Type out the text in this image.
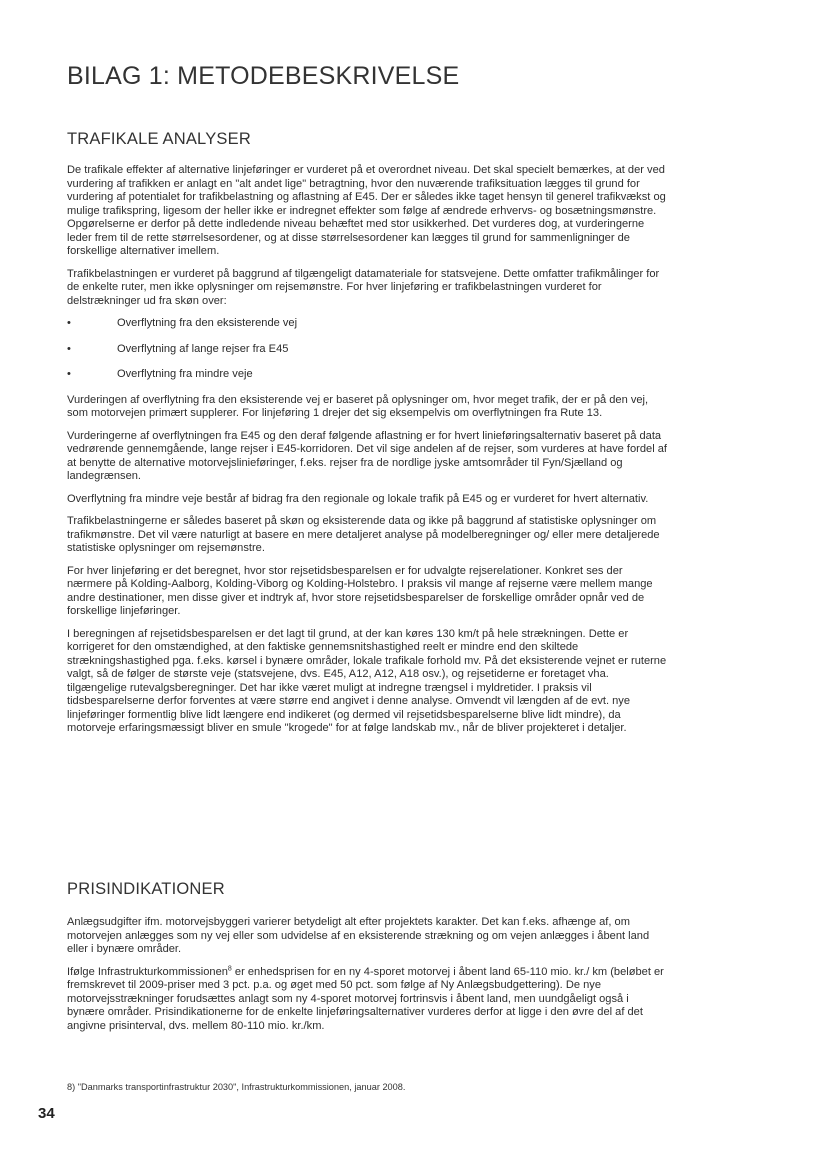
BILAG 1: METODEBESKRIVELSE
TRAFIKALE ANALYSER

De trafikale effekter af alternative linjeføringer er vurderet på et overordnet niveau. Det skal specielt bemærkes, at der ved vurdering af trafikken er anlagt en "alt andet lige" betragtning, hvor den nuværende trafiksituation lægges til grund for vurdering af potentialet for trafikbelastning og aflastning af E45. Der er således ikke taget hensyn til generel trafikvækst og mulige trafikspring, ligesom der heller ikke er indregnet effekter som følge af ændrede erhvervs- og bosætningsmønstre. Opgørelserne er derfor på dette indledende niveau behæftet med stor usikkerhed. Det vurderes dog, at vurderingerne leder frem til de rette størrelsesordener, og at disse størrelsesordener kan lægges til grund for sammenligninger de forskellige alternativer imellem.

Trafikbelastningen er vurderet på baggrund af tilgængeligt datamateriale for statsvejene. Dette omfatter trafikmålinger for de enkelte ruter, men ikke oplysninger om rejsemønstre. For hver linjeføring er trafikbelastningen vurderet for delstrækninger ud fra skøn over:

•	Overflytning fra den eksisterende vej
•	Overflytning af lange rejser fra E45
•	Overflytning fra mindre veje

Vurderingen af overflytning fra den eksisterende vej er baseret på oplysninger om, hvor meget trafik, der er på den vej, som motorvejen primært supplerer. For linjeføring 1 drejer det sig eksempelvis om overflytningen fra Rute 13.

Vurderingerne af overflytningen fra E45 og den deraf følgende aflastning er for hvert linieføringsalternativ baseret på data vedrørende gennemgående, lange rejser i E45-korridoren. Det vil sige andelen af de rejser, som vurderes at have fordel af at benytte de alternative motorvejslinieføringer, f.eks. rejser fra de nordlige jyske amtsområder til Fyn/Sjælland og landegrænsen.

Overflytning fra mindre veje består af bidrag fra den regionale og lokale trafik på E45 og er vurderet for hvert alternativ.

Trafikbelastningerne er således baseret på skøn og eksisterende data og ikke på baggrund af statistiske oplysninger om trafikmønstre. Det vil være naturligt at basere en mere detaljeret analyse på modelberegninger og/ eller mere detaljerede statistiske oplysninger om rejsemønstre.

For hver linjeføring er det beregnet, hvor stor rejsetidsbesparelsen er for udvalgte rejserelationer. Konkret ses der nærmere på Kolding-Aalborg, Kolding-Viborg og Kolding-Holstebro. I praksis vil mange af rejserne være mellem mange andre destinationer, men disse giver et indtryk af, hvor store rejsetidsbesparelser de forskellige områder opnår ved de forskellige linjeføringer.

I beregningen af rejsetidsbesparelsen er det lagt til grund, at der kan køres 130 km/t på hele strækningen. Dette er korrigeret for den omstændighed, at den faktiske gennemsnitshastighed reelt er mindre end den skiltede strækningshastighed pga. f.eks. kørsel i bynære områder, lokale trafikale forhold mv. På det eksisterende vejnet er ruterne valgt, så de følger de største veje (statsvejene, dvs. E45, A12, A12, A18 osv.), og rejsetiderne er foretaget vha. tilgængelige rutevalgsberegninger. Det har ikke været muligt at indregne trængsel i myldretider. I praksis vil tidsbesparelserne derfor forventes at være større end angivet i denne analyse. Omvendt vil længden af de evt. nye linjeføringer formentlig blive lidt længere end indikeret (og dermed vil rejsetidsbesparelserne blive lidt mindre), da motorveje erfaringsmæssigt bliver en smule "krogede" for at følge landskab mv., når de bliver projekteret i detaljer.

PRISINDIKATIONER

Anlægsudgifter ifm. motorvejsbyggeri varierer betydeligt alt efter projektets karakter. Det kan f.eks. afhænge af, om motorvejen anlægges som ny vej eller som udvidelse af en eksisterende strækning og om vejen anlægges i åbent land eller i bynære områder.

Ifølge Infrastrukturkommissionen$^8$ er enhedsprisen for en ny 4-sporet motorvej i åbent land 65-110 mio. kr./ km (beløbet er fremskrevet til 2009-priser med 3 pct. p.a. og øget med 50 pct. som følge af Ny Anlægsbudgettering). De nye motorvejsstrækninger forudsættes anlagt som ny 4-sporet motorvej fortrinsvis i åbent land, men uundgåeligt også i bynære områder. Prisindikationerne for de enkelte linjeføringsalternativer vurderes derfor at ligge i den øvre del af det angivne prisinterval, dvs. mellem 80-110 mio. kr./km.

8) "Danmarks transportinfrastruktur 2030", Infrastrukturkommissionen, januar 2008.
34
